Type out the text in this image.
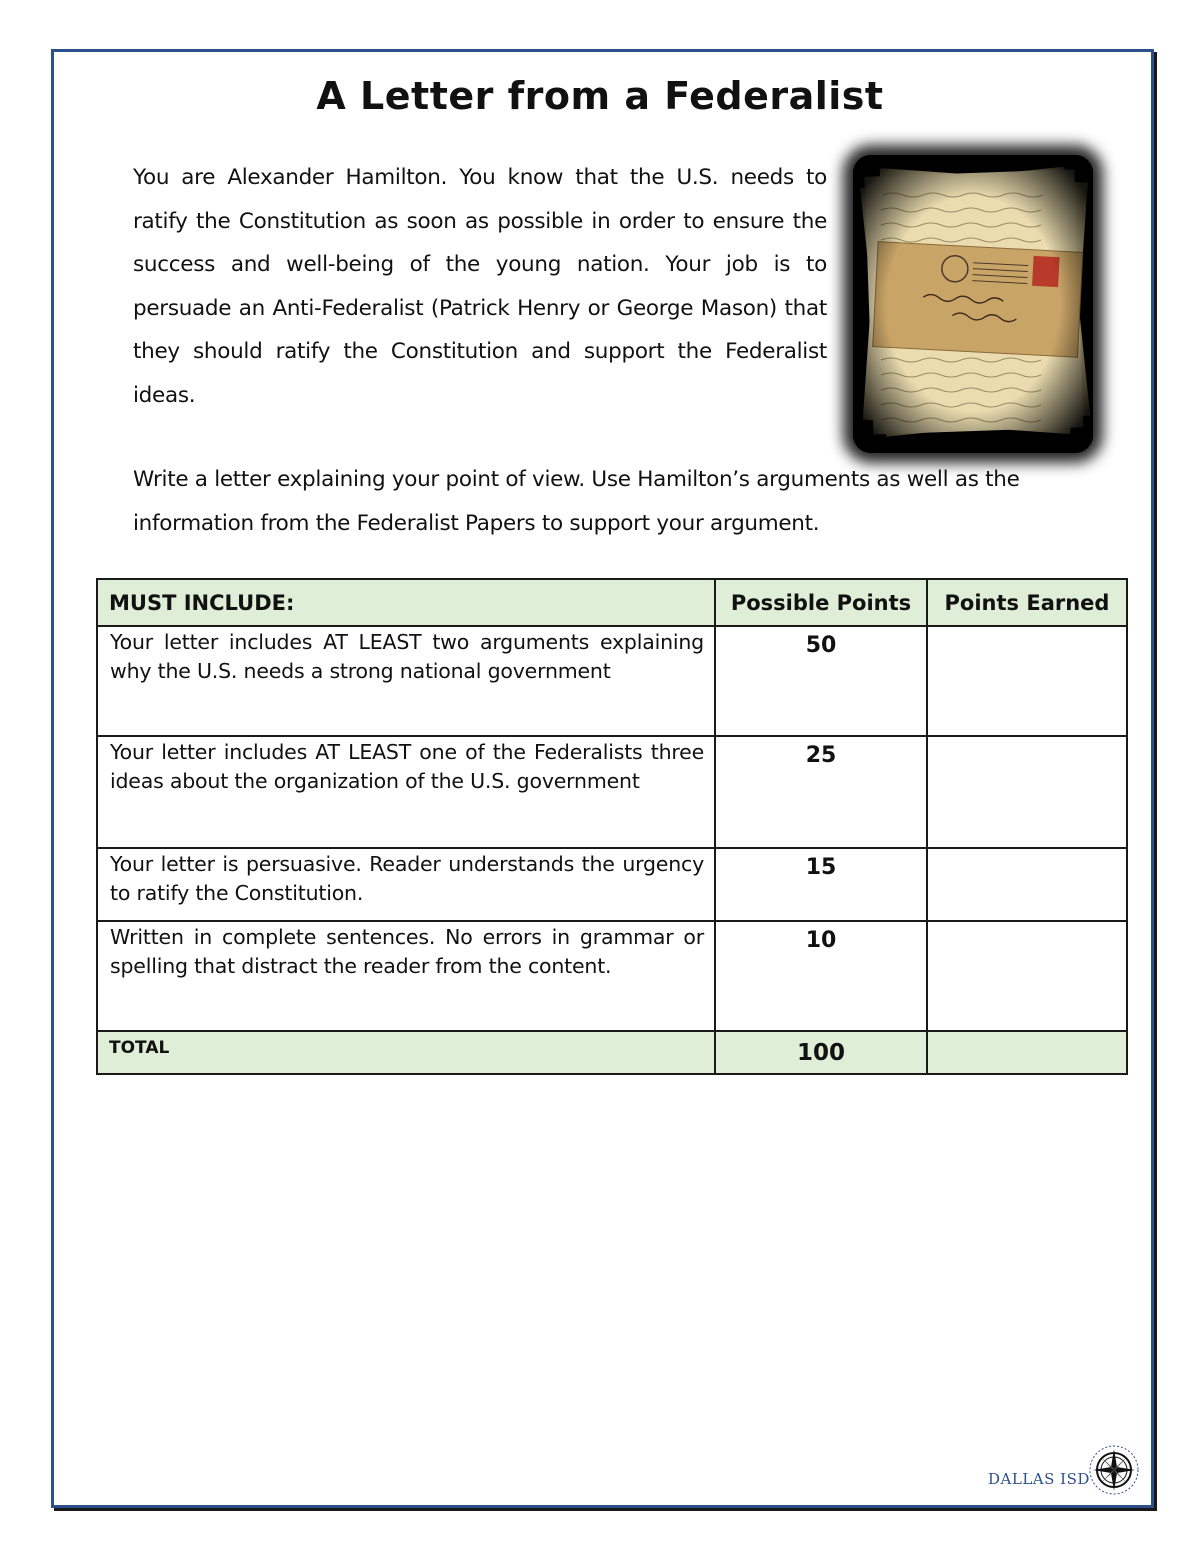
A Letter from a Federalist
You are Alexander Hamilton. You know that the U.S. needs to ratify the Constitution as soon as possible in order to ensure the success and well-being of the young nation. Your job is to persuade an Anti-Federalist (Patrick Henry or George Mason) that they should ratify the Constitution and support the Federalist ideas.
Write a letter explaining your point of view. Use Hamilton’s arguments as well as the information from the Federalist Papers to support your argument.
MUST INCLUDE:	Possible Points	Points Earned
Your letter includes AT LEAST two arguments explaining why the U.S. needs a strong national government	50	
Your letter includes AT LEAST one of the Federalists three ideas about the organization of the U.S. government	25	
Your letter is persuasive. Reader understands the urgency to ratify the Constitution.	15	
Written in complete sentences. No errors in grammar or spelling that distract the reader from the content.	10	
TOTAL	100	
DALLAS ISD
